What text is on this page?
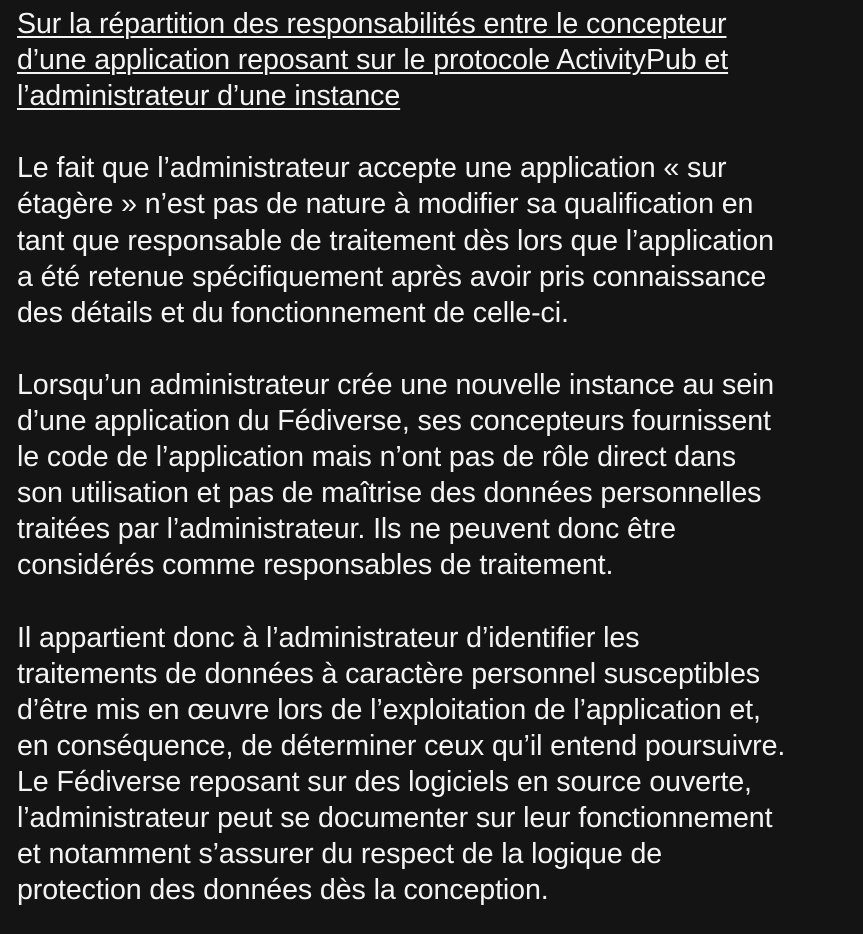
Sur la répartition des responsabilités entre le concepteur
d’une application reposant sur le protocole ActivityPub et
l’administrateur d’une instance
Le fait que l’administrateur accepte une application « sur
étagère » n’est pas de nature à modifier sa qualification en
tant que responsable de traitement dès lors que l’application
a été retenue spécifiquement après avoir pris connaissance
des détails et du fonctionnement de celle-ci.
Lorsqu’un administrateur crée une nouvelle instance au sein
d’une application du Fédiverse, ses concepteurs fournissent
le code de l’application mais n’ont pas de rôle direct dans
son utilisation et pas de maîtrise des données personnelles
traitées par l’administrateur. Ils ne peuvent donc être
considérés comme responsables de traitement.
Il appartient donc à l’administrateur d’identifier les
traitements de données à caractère personnel susceptibles
d’être mis en œuvre lors de l’exploitation de l’application et,
en conséquence, de déterminer ceux qu’il entend poursuivre.
Le Fédiverse reposant sur des logiciels en source ouverte,
l’administrateur peut se documenter sur leur fonctionnement
et notamment s’assurer du respect de la logique de
protection des données dès la conception.
